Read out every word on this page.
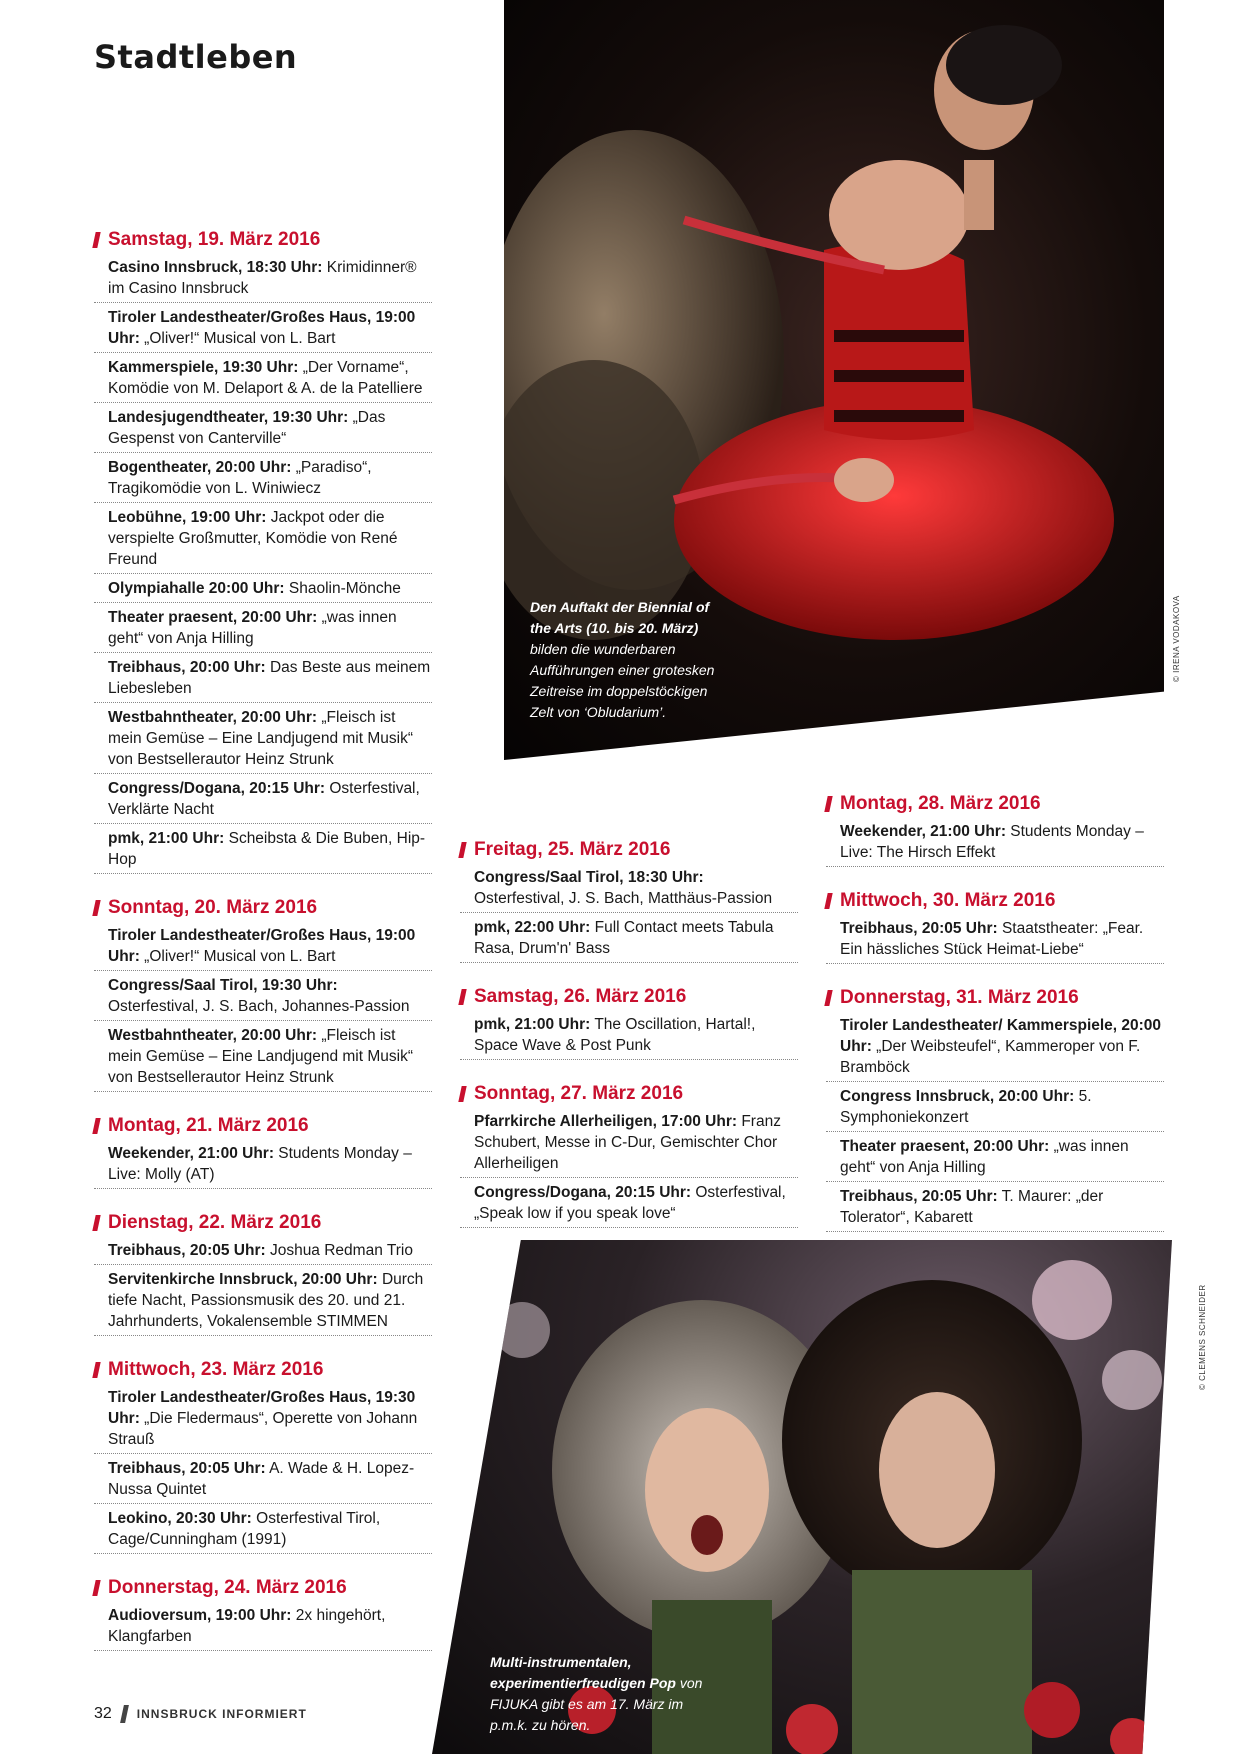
Stadtleben
Samstag, 19. März 2016
Casino Innsbruck, 18:30 Uhr: Krimidinner® im Casino Innsbruck
Tiroler Landestheater/Großes Haus, 19:00 Uhr: „Oliver!“ Musical von L. Bart
Kammerspiele, 19:30 Uhr: „Der Vorname“, Komödie von M. Delaport & A. de la Patelliere
Landesjugendtheater, 19:30 Uhr: „Das Gespenst von Canterville“
Bogentheater, 20:00 Uhr: „Paradiso“, Tragikomödie von L. Winiwiecz
Leobühne, 19:00 Uhr: Jackpot oder die verspielte Großmutter, Komödie von René Freund
Olympiahalle 20:00 Uhr: Shaolin-Mönche
Theater praesent, 20:00 Uhr: „was innen geht“ von Anja Hilling
Treibhaus, 20:00 Uhr: Das Beste aus meinem Liebesleben
Westbahntheater, 20:00 Uhr: „Fleisch ist mein Gemüse – Eine Landjugend mit Musik“ von Bestsellerautor Heinz Strunk
Congress/Dogana, 20:15 Uhr: Osterfestival, Verklärte Nacht
pmk, 21:00 Uhr: Scheibsta & Die Buben, Hip-Hop
Sonntag, 20. März 2016
Tiroler Landestheater/Großes Haus, 19:00 Uhr: „Oliver!“ Musical von L. Bart
Congress/Saal Tirol, 19:30 Uhr: Osterfestival, J. S. Bach, Johannes-Passion
Westbahntheater, 20:00 Uhr: „Fleisch ist mein Gemüse – Eine Landjugend mit Musik“ von Bestsellerautor Heinz Strunk
Montag, 21. März 2016
Weekender, 21:00 Uhr: Students Monday – Live: Molly (AT)
Dienstag, 22. März 2016
Treibhaus, 20:05 Uhr: Joshua Redman Trio
Servitenkirche Innsbruck, 20:00 Uhr: Durch tiefe Nacht, Passionsmusik des 20. und 21. Jahrhunderts, Vokalensemble STIMMEN
Mittwoch, 23. März 2016
Tiroler Landestheater/Großes Haus, 19:30 Uhr: „Die Fledermaus“, Operette von Johann Strauß
Treibhaus, 20:05 Uhr: A. Wade & H. Lopez-Nussa Quintet
Leokino, 20:30 Uhr: Osterfestival Tirol, Cage/Cunningham (1991)
Donnerstag, 24. März 2016
Audioversum, 19:00 Uhr: 2x hingehört, Klangfarben
Den Auftakt der Biennial of the Arts (10. bis 20. März) bilden die wunderbaren Aufführungen einer grotesken Zeitreise im doppelstöckigen Zelt von ‘Obludarium’.
© IRENA VODAKOVA
Freitag, 25. März 2016
Congress/Saal Tirol, 18:30 Uhr: Osterfestival, J. S. Bach, Matthäus-Passion
pmk, 22:00 Uhr: Full Contact meets Tabula Rasa, Drum'n' Bass
Samstag, 26. März 2016
pmk, 21:00 Uhr: The Oscillation, Hartal!, Space Wave & Post Punk
Sonntag, 27. März 2016
Pfarrkirche Allerheiligen, 17:00 Uhr: Franz Schubert, Messe in C-Dur, Gemischter Chor Allerheiligen
Congress/Dogana, 20:15 Uhr: Osterfestival, „Speak low if you speak love“
Montag, 28. März 2016
Weekender, 21:00 Uhr: Students Monday – Live: The Hirsch Effekt
Mittwoch, 30. März 2016
Treibhaus, 20:05 Uhr: Staatstheater: „Fear. Ein hässliches Stück Heimat-Liebe“
Donnerstag, 31. März 2016
Tiroler Landestheater/ Kammerspiele, 20:00 Uhr: „Der Weibsteufel“, Kammeroper von F. Bramböck
Congress Innsbruck, 20:00 Uhr: 5. Symphoniekonzert
Theater praesent, 20:00 Uhr: „was innen geht“ von Anja Hilling
Treibhaus, 20:05 Uhr: T. Maurer: „der Tolerator“, Kabarett
Multi-instrumentalen, experimentierfreudigen Pop von FIJUKA gibt es am 17. März im p.m.k. zu hören.
© CLEMENS SCHNEIDER
32 INNSBRUCK INFORMIERT
